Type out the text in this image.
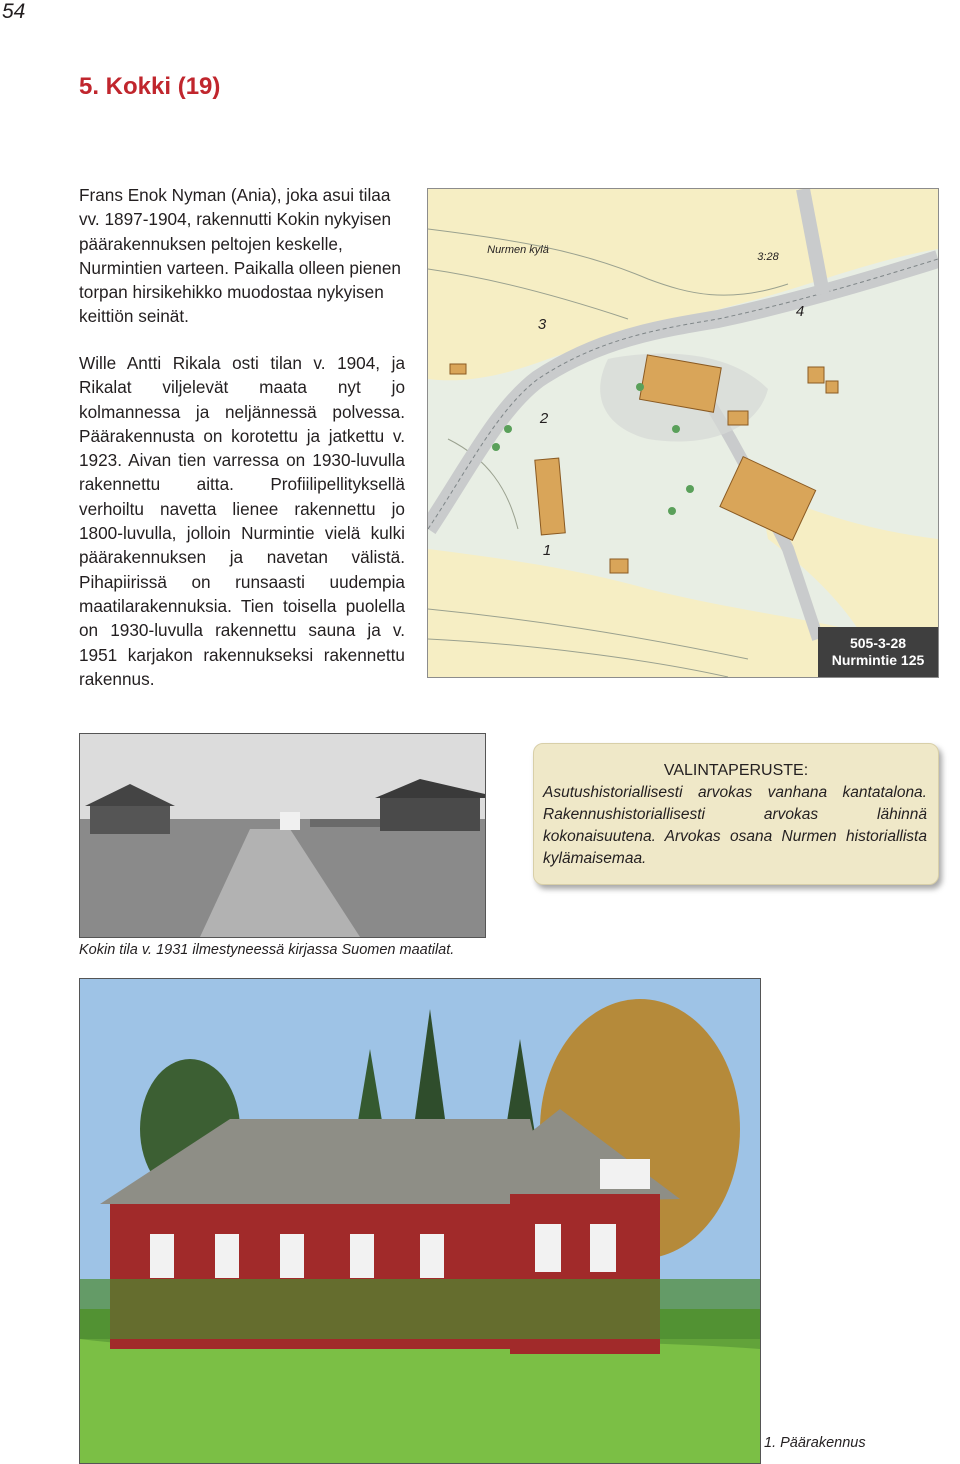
54
5. Kokki (19)

Frans Enok Nyman (Ania), joka asui tilaa vv. 1897-1904, rakennutti Kokin nykyisen päärakennuksen peltojen keskelle, Nurmintien varteen. Paikalla olleen pienen torpan hirsikehikko muodostaa nykyisen keittiön seinät.

Wille Antti Rikala osti tilan v. 1904, ja Rikalat viljelevät maata nyt jo kolmannessa ja neljännessä polvessa. Päärakennusta on korotettu ja jatkettu v. 1923. Aivan tien varressa on 1930-luvulla rakennettu aitta. Profiilipellityksellä verhoiltu navetta lienee rakennettu jo 1800-luvulla, jolloin Nurmintie vielä kulki päärakennuksen ja navetan välistä. Pihapiirissä on runsaasti uudempia maatilarakennuksia. Tien toisella puolella on 1930-luvulla rakennettu sauna ja v. 1951 karjakon rakennukseksi rakennettu rakennus.

3
4
2
1
Nurmen kylä
3:28
505-3-28
Nurmintie 125

Kokin tila v. 1931 ilmestyneessä kirjassa Suomen maatilat.

VALINTAPERUSTE:

Asutushistoriallisesti arvokas vanhana kantatalona. Rakennushistoriallisesti arvokas lähinnä kokonaisuutena. Arvokas osana Nurmen historiallista kylämaisemaa.

1. Päärakennus
